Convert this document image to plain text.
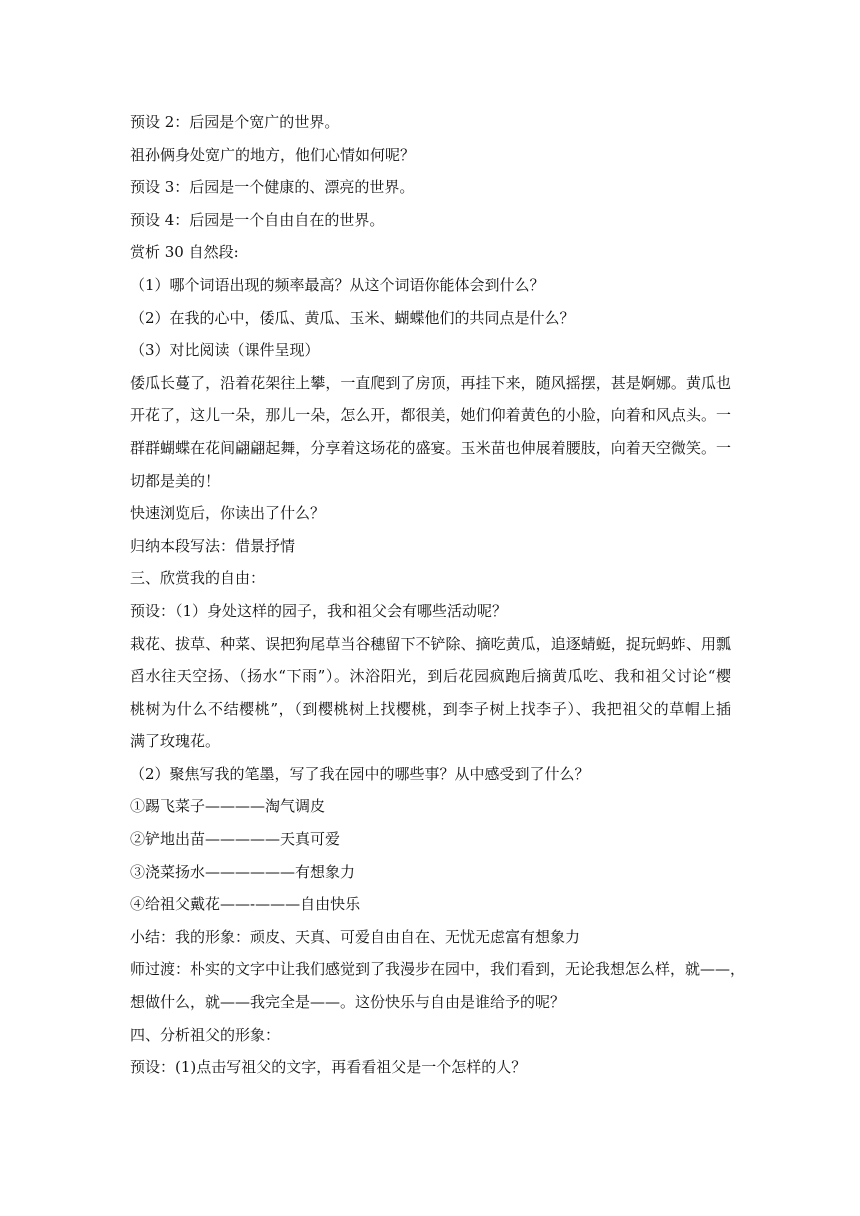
预设 2：后园是个宽广的世界。
祖孙俩身处宽广的地方，他们心情如何呢？
预设 3：后园是一个健康的、漂亮的世界。
预设 4：后园是一个自由自在的世界。
赏析 30 自然段:
（1）哪个词语出现的频率最高？从这个词语你能体会到什么？
（2）在我的心中，倭瓜、黄瓜、玉米、蝴蝶他们的共同点是什么？
（3）对比阅读（课件呈现）
倭瓜长蔓了，沿着花架往上攀，一直爬到了房顶，再挂下来，随风摇摆，甚是婀娜。黄瓜也
开花了，这儿一朵，那儿一朵，怎么开，都很美，她们仰着黄色的小脸，向着和风点头。一
群群蝴蝶在花间翩翩起舞，分享着这场花的盛宴。玉米苗也伸展着腰肢，向着天空微笑。一
切都是美的！
快速浏览后，你读出了什么？
归纳本段写法：借景抒情
三、欣赏我的自由：
预设：（1）身处这样的园子，我和祖父会有哪些活动呢？
栽花、拔草、种菜、误把狗尾草当谷穗留下不铲除、摘吃黄瓜，追逐蜻蜓，捉玩蚂蚱、用瓢
舀水往天空扬、（扬水“下雨”）。沐浴阳光，到后花园疯跑后摘黄瓜吃、我和祖父讨论“樱
桃树为什么不结樱桃”，（到樱桃树上找樱桃，到李子树上找李子）、我把祖父的草帽上插
满了玫瑰花。
（2）聚焦写我的笔墨，写了我在园中的哪些事？从中感受到了什么？
①踢飞菜子————淘气调皮
②铲地出苗—————天真可爱
③浇菜扬水——————有想象力
④给祖父戴花——-———自由快乐
小结：我的形象：顽皮、天真、可爱自由自在、无忧无虑富有想象力
师过渡：朴实的文字中让我们感觉到了我漫步在园中，我们看到，无论我想怎么样，就——，
想做什么，就——我完全是——。这份快乐与自由是谁给予的呢？
四、分析祖父的形象：
预设：(1)点击写祖父的文字，再看看祖父是一个怎样的人？
